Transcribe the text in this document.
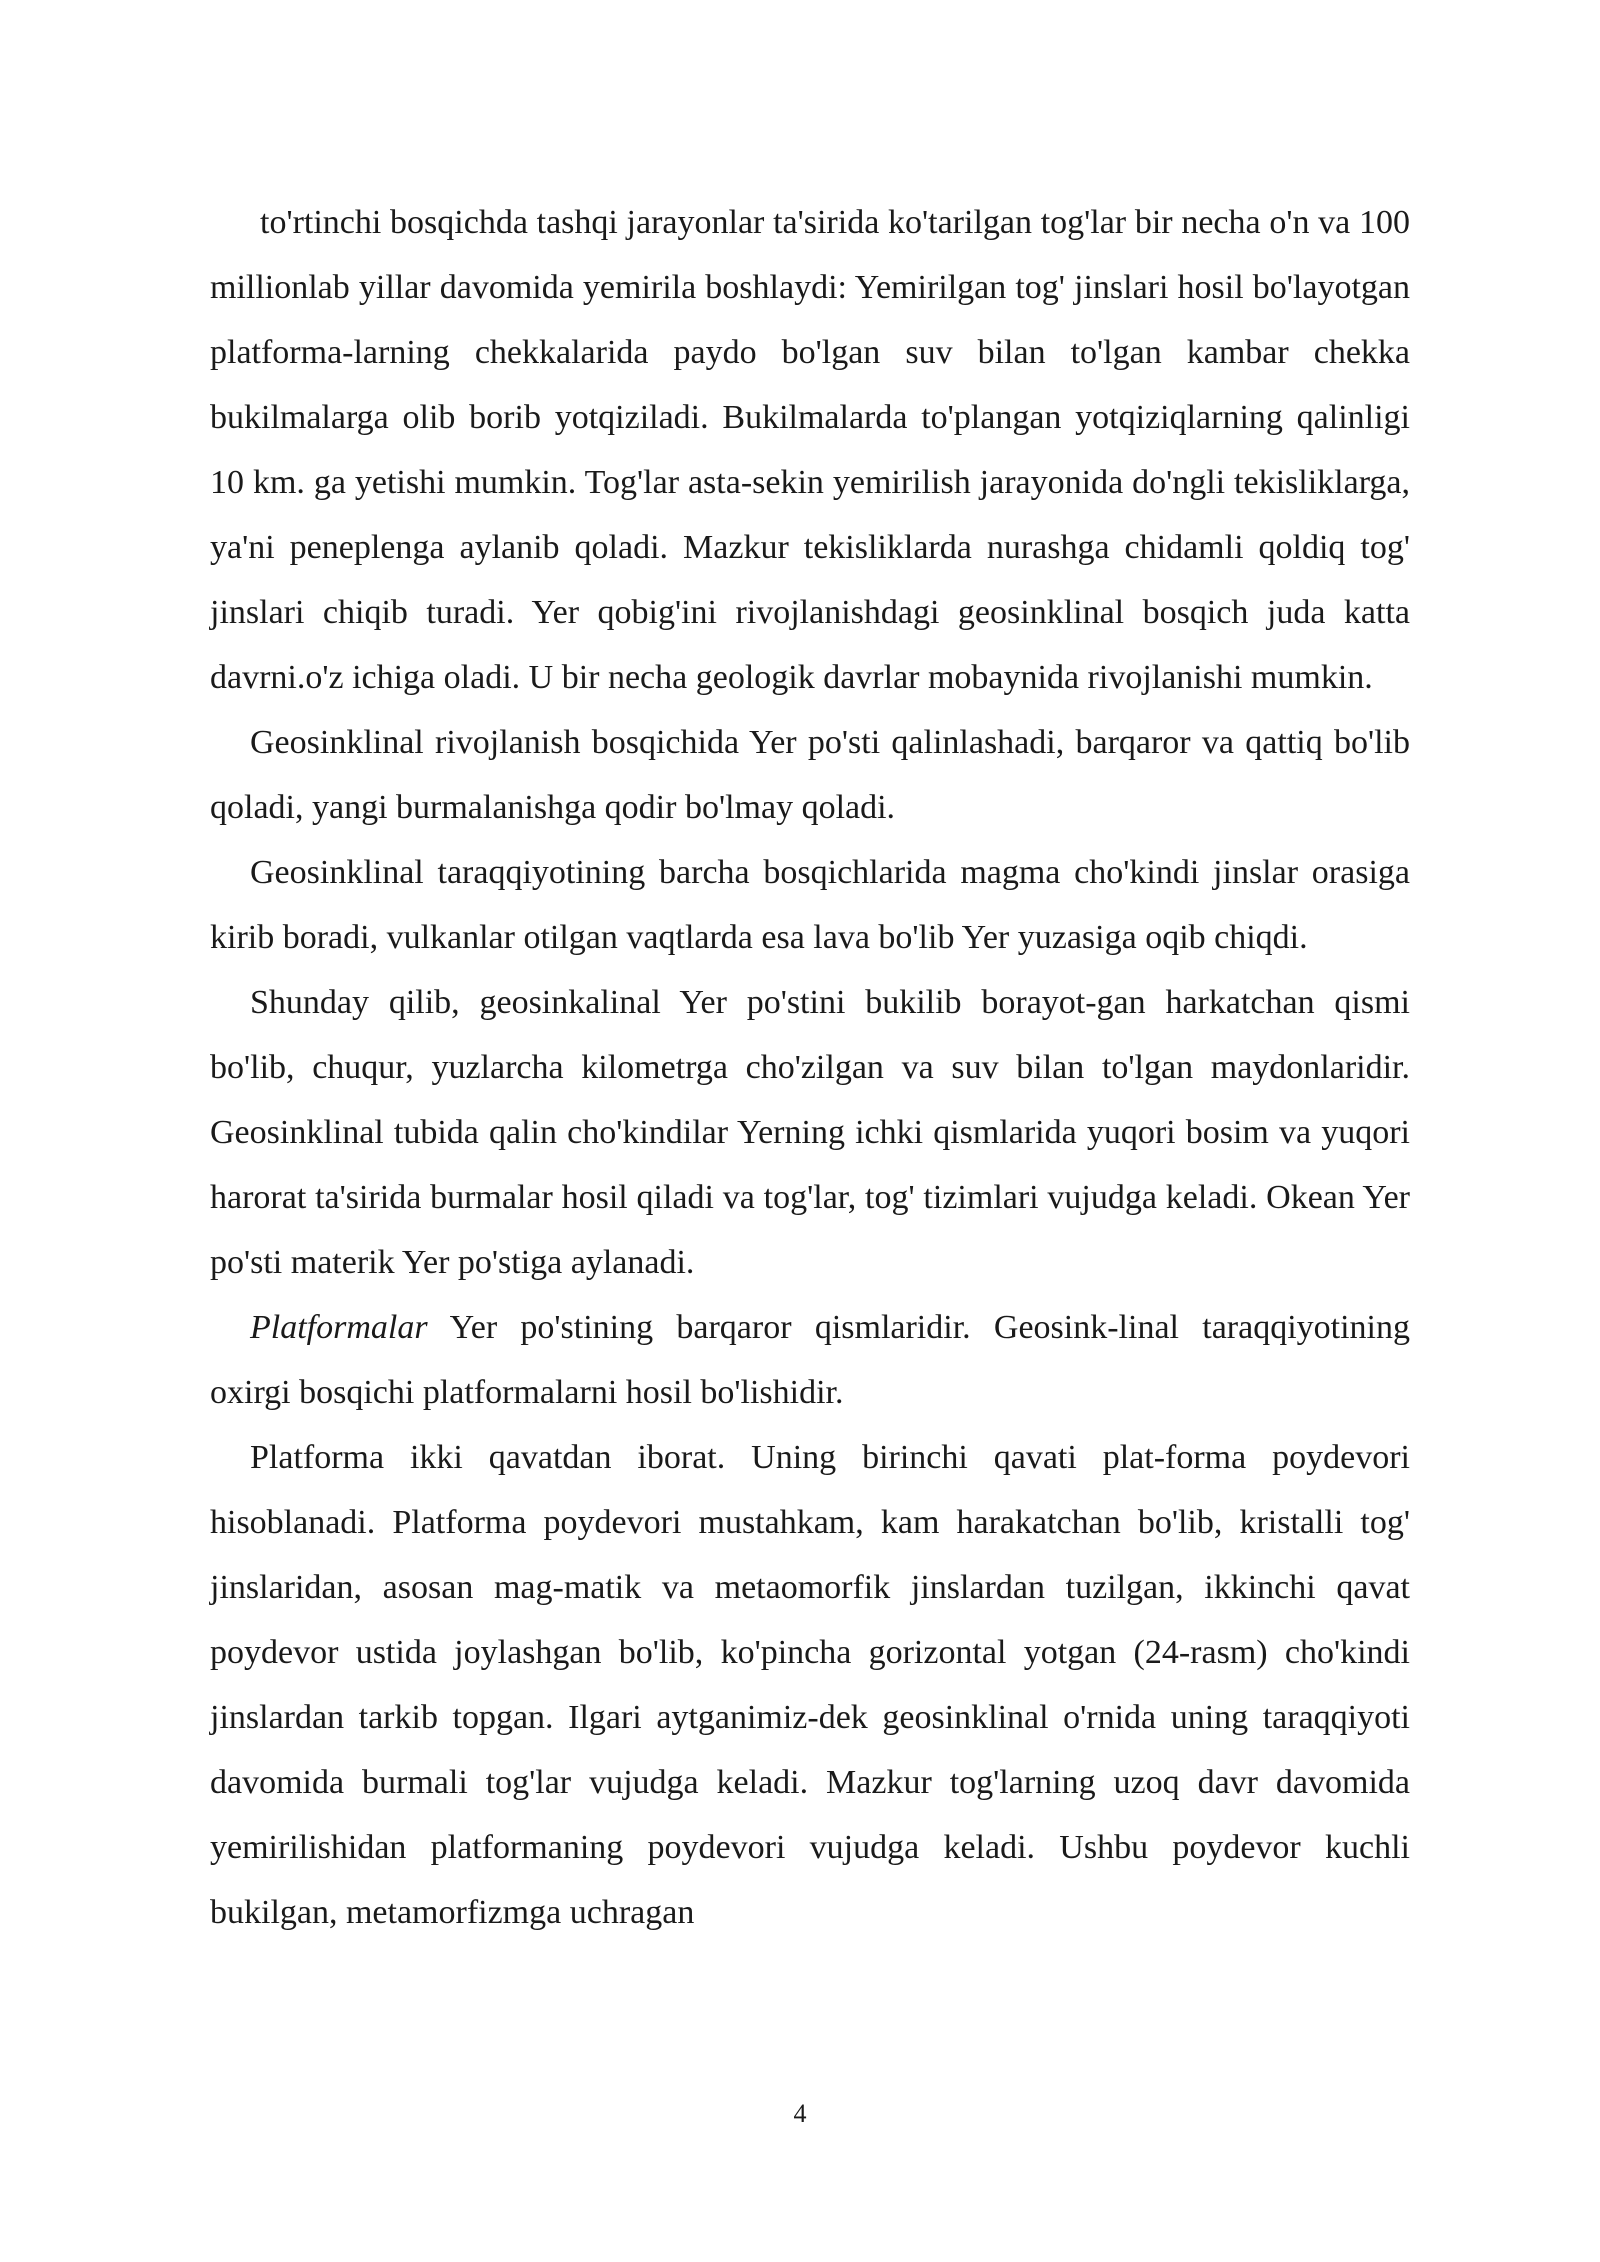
to'rtinchi bosqichda tashqi jarayonlar ta'sirida ko'tarilgan tog'lar bir necha o'n va 100 millionlab yillar davomida yemirila boshlaydi: Yemirilgan tog' jinslari hosil bo'layotgan platforma-larning chekkalarida paydo bo'lgan suv bilan to'lgan kambar chekka bukilmalarga olib borib yotqiziladi. Bukilmalarda to'plangan yotqiziqlarning qalinligi 10 km. ga yetishi mumkin. Tog'lar asta-sekin yemirilish jarayonida do'ngli tekisliklarga, ya'ni peneplenga aylanib qoladi. Mazkur tekisliklarda nurashga chidamli qoldiq tog' jinslari chiqib turadi. Yer qobig'ini rivojlanishdagi geosinklinal bosqich juda katta davrni.o'z ichiga oladi. U bir necha geologik davrlar mobaynida rivojlanishi mumkin.

Geosinklinal rivojlanish bosqichida Yer po'sti qalinlashadi, barqaror va qattiq bo'lib qoladi, yangi burmalanishga qodir bo'lmay qoladi.

Geosinklinal taraqqiyotining barcha bosqichlarida magma cho'kindi jinslar orasiga kirib boradi, vulkanlar otilgan vaqtlarda esa lava bo'lib Yer yuzasiga oqib chiqdi.

Shunday qilib, geosinkalinal Yer po'stini bukilib borayot-gan harkatchan qismi bo'lib, chuqur, yuzlarcha kilometrga cho'zilgan va suv bilan to'lgan maydonlaridir. Geosinklinal tubida qalin cho'kindilar Yerning ichki qismlarida yuqori bosim va yuqori harorat ta'sirida burmalar hosil qiladi va tog'lar, tog' tizimlari vujudga keladi. Okean Yer po'sti materik Yer po'stiga aylanadi.

Platformalar Yer po'stining barqaror qismlaridir. Geosink-linal taraqqiyotining oxirgi bosqichi platformalarni hosil bo'lishidir.

Platforma ikki qavatdan iborat. Uning birinchi qavati plat-forma poydevori hisoblanadi. Platforma poydevori mustahkam, kam harakatchan bo'lib, kristalli tog' jinslaridan, asosan mag-matik va metaomorfik jinslardan tuzilgan, ikkinchi qavat poydevor ustida joylashgan bo'lib, ko'pincha gorizontal yotgan (24-rasm) cho'kindi jinslardan tarkib topgan. Ilgari aytganimiz-dek geosinklinal o'rnida uning taraqqiyoti davomida burmali tog'lar vujudga keladi. Mazkur tog'larning uzoq davr davomida yemirilishidan platformaning poydevori vujudga keladi. Ushbu poydevor kuchli bukilgan, metamorfizmga uchragan

4
